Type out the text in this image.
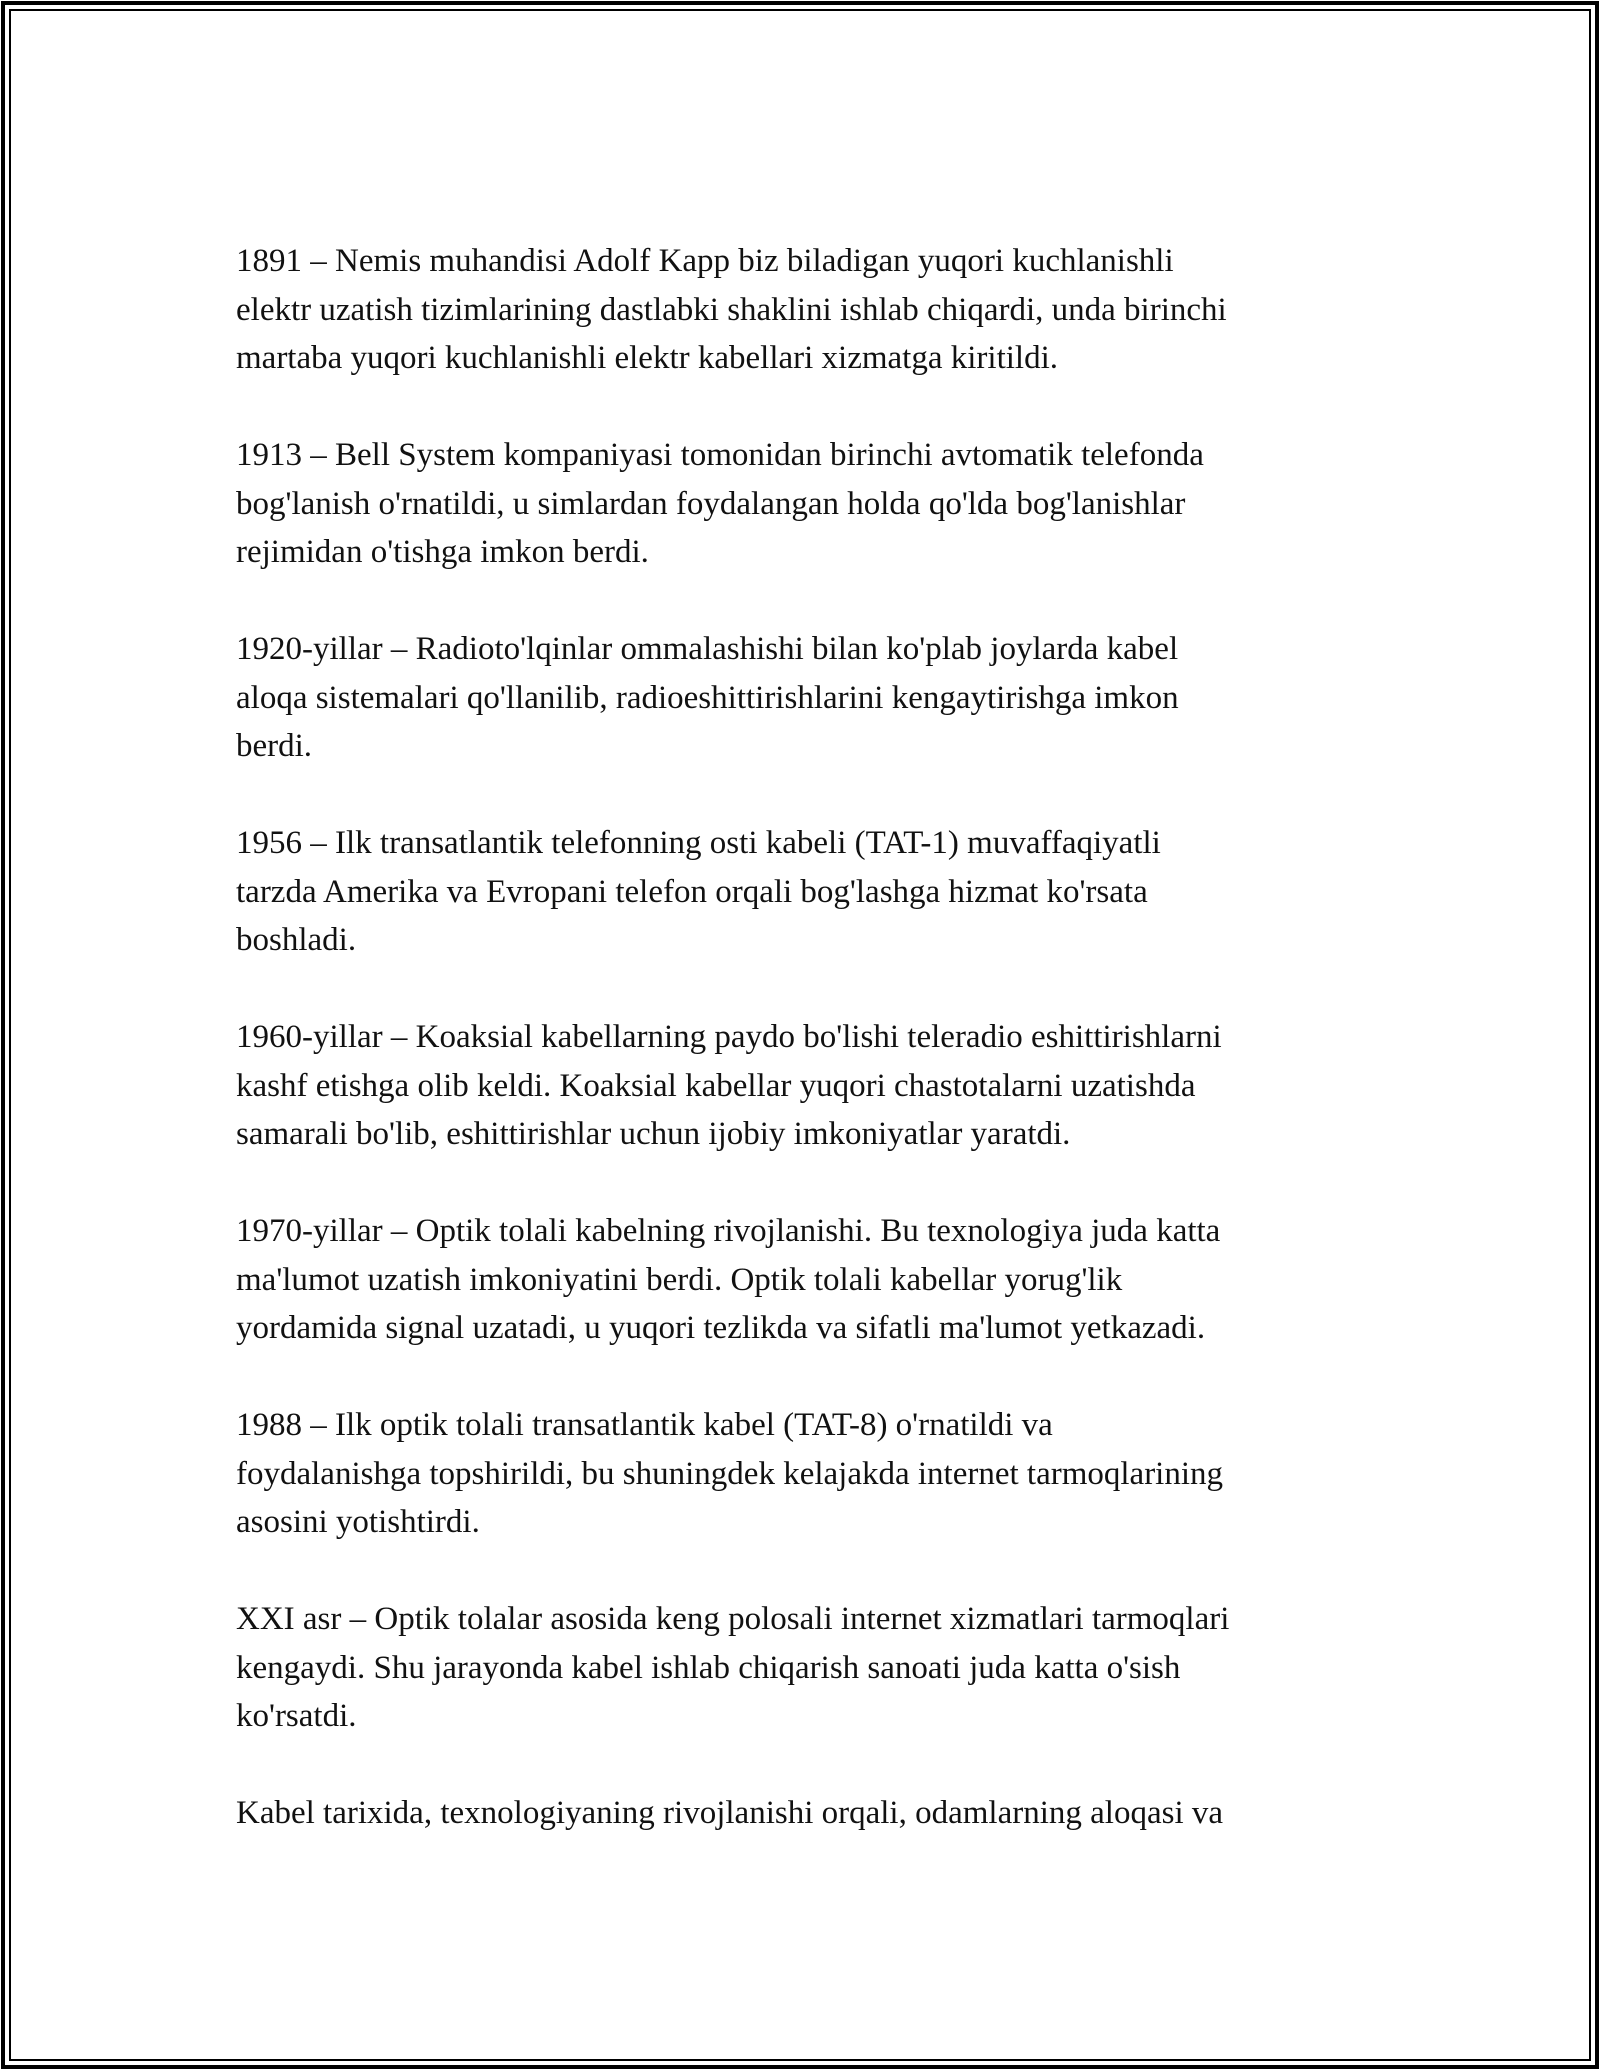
1891 – Nemis muhandisi Adolf Kapp biz biladigan yuqori kuchlanishli
elektr uzatish tizimlarining dastlabki shaklini ishlab chiqardi, unda birinchi
martaba yuqori kuchlanishli elektr kabellari xizmatga kiritildi.

1913 – Bell System kompaniyasi tomonidan birinchi avtomatik telefonda
bog'lanish o'rnatildi, u simlardan foydalangan holda qo'lda bog'lanishlar
rejimidan o'tishga imkon berdi.

1920-yillar – Radioto'lqinlar ommalashishi bilan ko'plab joylarda kabel
aloqa sistemalari qo'llanilib, radioeshittirishlarini kengaytirishga imkon
berdi.

1956 – Ilk transatlantik telefonning osti kabeli (TAT-1) muvaffaqiyatli
tarzda Amerika va Evropani telefon orqali bog'lashga hizmat ko'rsata
boshladi.

1960-yillar – Koaksial kabellarning paydo bo'lishi teleradio eshittirishlarni
kashf etishga olib keldi. Koaksial kabellar yuqori chastotalarni uzatishda
samarali bo'lib, eshittirishlar uchun ijobiy imkoniyatlar yaratdi.

1970-yillar – Optik tolali kabelning rivojlanishi. Bu texnologiya juda katta
ma'lumot uzatish imkoniyatini berdi. Optik tolali kabellar yorug'lik
yordamida signal uzatadi, u yuqori tezlikda va sifatli ma'lumot yetkazadi.

1988 – Ilk optik tolali transatlantik kabel (TAT-8) o'rnatildi va
foydalanishga topshirildi, bu shuningdek kelajakda internet tarmoqlarining
asosini yotishtirdi.

XXI asr – Optik tolalar asosida keng polosali internet xizmatlari tarmoqlari
kengaydi. Shu jarayonda kabel ishlab chiqarish sanoati juda katta o'sish
ko'rsatdi.

Kabel tarixida, texnologiyaning rivojlanishi orqali, odamlarning aloqasi va
